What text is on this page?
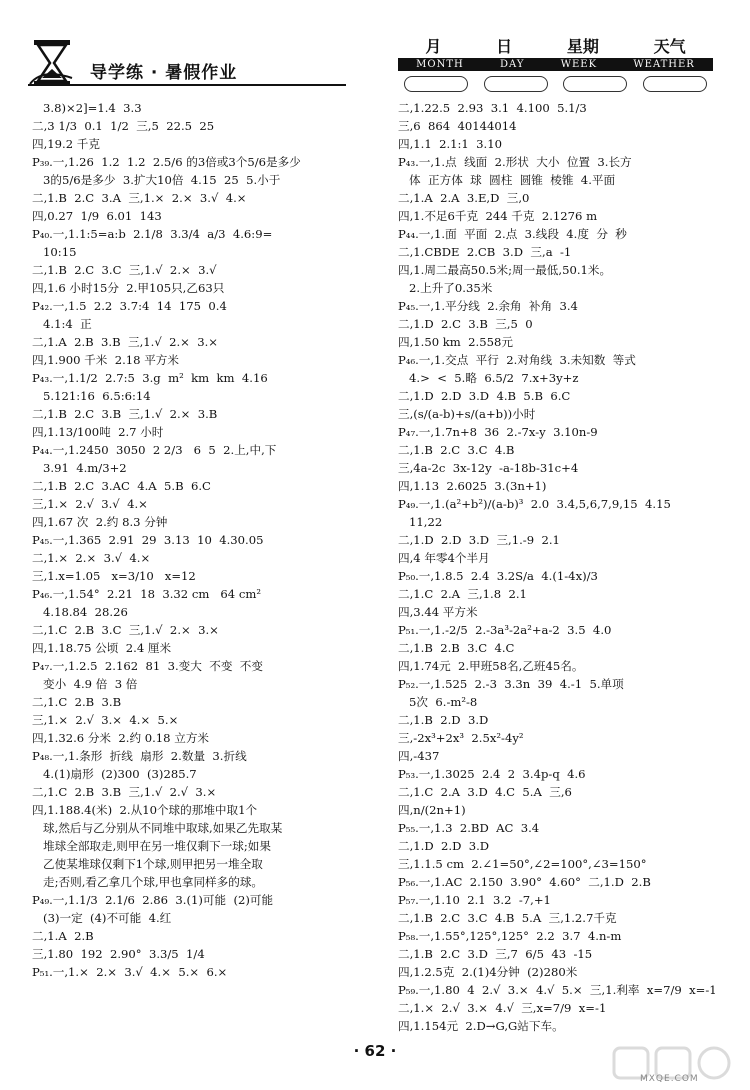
导学练 · 暑假作业
月	日	星期	天气
MONTH	DAY	WEEK	WEATHER
3.8)×2]=1.4  3.3
二,3 1/3  0.1  1/2  三,5  22.5  25
四,19.2 千克
P₃₉.一,1.26  1.2  1.2  2.5/6 的3倍或3个5/6是多少
3的5/6是多少  3.扩大10倍  4.15  25  5.小于
二,1.B  2.C  3.A  三,1.×  2.×  3.√  4.×
四,0.27  1/9  6.01  143
P₄₀.一,1.1:5=a:b  2.1/8  3.3/4  a/3  4.6:9=
10:15
二,1.B  2.C  3.C  三,1.√  2.×  3.√
四,1.6 小时15分  2.甲105只,乙63只
P₄₂.一,1.5  2.2  3.7:4  14  175  0.4
4.1:4  正
二,1.A  2.B  3.B  三,1.√  2.×  3.×
四,1.900 千米  2.18 平方米
P₄₃.一,1.1/2  2.7:5  3.g  m²  km  km  4.16
5.121:16  6.5:6:14
二,1.B  2.C  3.B  三,1.√  2.×  3.B
四,1.13/100吨  2.7 小时
P₄₄.一,1.2450  3050  2 2/3   6  5  2.上,中,下
3.91  4.m/3+2
二,1.B  2.C  3.AC  4.A  5.B  6.C
三,1.×  2.√  3.√  4.×
四,1.67 次  2.约 8.3 分钟
P₄₅.一,1.365  2.91  29  3.13  10  4.30.05
二,1.×  2.×  3.√  4.×
三,1.x=1.05   x=3/10   x=12
P₄₆.一,1.54°  2.21  18  3.32 cm   64 cm²
4.18.84  28.26
二,1.C  2.B  3.C  三,1.√  2.×  3.×
四,1.18.75 公顷  2.4 厘米
P₄₇.一,1.2.5  2.162  81  3.变大  不变  不变
变小  4.9 倍  3 倍
二,1.C  2.B  3.B
三,1.×  2.√  3.×  4.×  5.×
四,1.32.6 分米  2.约 0.18 立方米
P₄₈.一,1.条形  折线  扇形  2.数量  3.折线
4.(1)扇形  (2)300  (3)285.7
二,1.C  2.B  3.B  三,1.√  2.√  3.×
四,1.188.4(米)  2.从10个球的那堆中取1个
球,然后与乙分别从不同堆中取球,如果乙先取某
堆球全部取走,则甲在另一堆仅剩下一球;如果
乙使某堆球仅剩下1个球,则甲把另一堆全取
走;否则,看乙拿几个球,甲也拿同样多的球。
P₄₉.一,1.1/3  2.1/6  2.86  3.(1)可能  (2)可能
(3)一定  (4)不可能  4.红
二,1.A  2.B
三,1.80  192  2.90°  3.3/5  1/4
P₅₁.一,1.×  2.×  3.√  4.×  5.×  6.×
二,1.22.5  2.93  3.1  4.100  5.1/3
三,6  864  40144014
四,1.1  2.1:1  3.10
P₄₃.一,1.点  线面  2.形状  大小  位置  3.长方
体  正方体  球  圆柱  圆锥  棱锥  4.平面
二,1.A  2.A  3.E,D  三,0
四,1.不足6千克  244 千克  2.1276 m
P₄₄.一,1.面  平面  2.点  3.线段  4.度  分  秒
二,1.CBDE  2.CB  3.D  三,a  -1
四,1.周二最高50.5米;周一最低,50.1米。
2.上升了0.35米
P₄₅.一,1.平分线  2.余角  补角  3.4
二,1.D  2.C  3.B  三,5  0
四,1.50 km  2.558元
P₄₆.一,1.交点  平行  2.对角线  3.未知数  等式
4.>  <  5.略  6.5/2  7.x+3y+z
二,1.D  2.D  3.D  4.B  5.B  6.C
三,(s/(a-b)+s/(a+b))小时
P₄₇.一,1.7n+8  36  2.-7x-y  3.10n-9
二,1.B  2.C  3.C  4.B
三,4a-2c  3x-12y  -a-18b-31c+4
四,1.13  2.6025  3.(3n+1)
P₄₉.一,1.(a²+b²)/(a-b)³  2.0  3.4,5,6,7,9,15  4.15
11,22
二,1.D  2.D  3.D  三,1.-9  2.1
四,4 年零4个半月
P₅₀.一,1.8.5  2.4  3.2S/a  4.(1-4x)/3
二,1.C  2.A  三,1.8  2.1
四,3.44 平方米
P₅₁.一,1.-2/5  2.-3a³-2a²+a-2  3.5  4.0
二,1.B  2.B  3.C  4.C
四,1.74元  2.甲班58名,乙班45名。
P₅₂.一,1.525  2.-3  3.3n  39  4.-1  5.单项
5次  6.-m²-8
二,1.B  2.D  3.D
三,-2x³+2x³  2.5x²-4y²
四,-437
P₅₃.一,1.3025  2.4  2  3.4p-q  4.6
二,1.C  2.A  3.D  4.C  5.A  三,6
四,n/(2n+1)
P₅₅.一,1.3  2.BD  AC  3.4
二,1.D  2.D  3.D
三,1.1.5 cm  2.∠1=50°,∠2=100°,∠3=150°
P₅₆.一,1.AC  2.150  3.90°  4.60°  二,1.D  2.B
P₅₇.一,1.10  2.1  3.2  -7,+1
二,1.B  2.C  3.C  4.B  5.A  三,1.2.7千克
P₅₈.一,1.55°,125°,125°  2.2  3.7  4.n-m
二,1.B  2.C  3.D  三,7  6/5  43  -15
四,1.2.5克  2.(1)4分钟  (2)280米
P₅₉.一,1.80  4  2.√  3.×  4.√  5.×  三,1.利率  x=7/9  x=-1
二,1.×  2.√  3.×  4.√  三,x=7/9  x=-1
四,1.154元  2.D→G,G站下车。
· 62 ·
MXQE.COM
